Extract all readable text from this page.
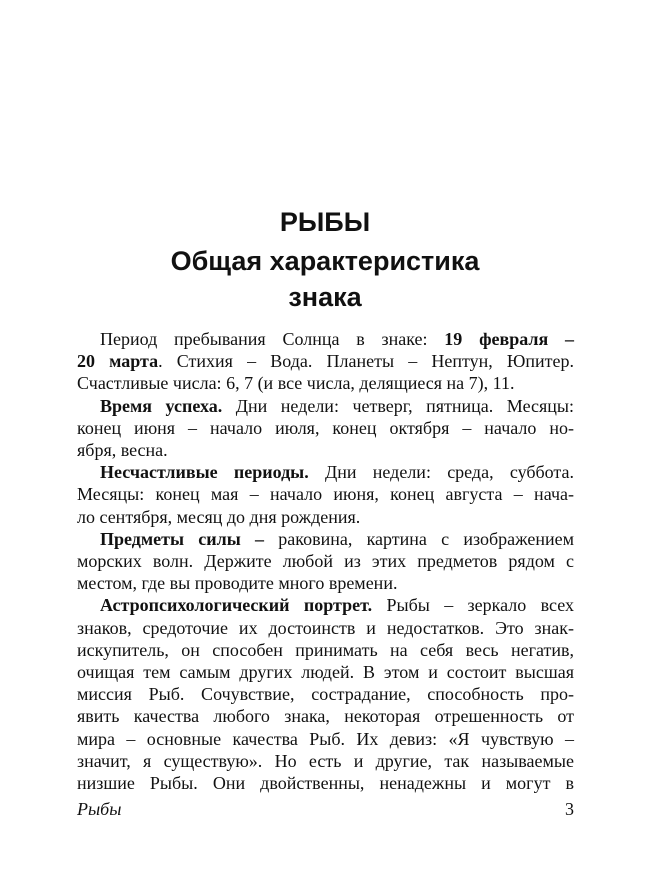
РЫБЫ
Общая характеристика
знака
Период пребывания Солнца в знаке: 19 февраля –
20 марта. Стихия – Вода. Планеты – Нептун, Юпитер.
Счастливые числа: 6, 7 (и все числа, делящиеся на 7), 11.
Время успеха. Дни недели: четверг, пятница. Месяцы:
конец июня – начало июля, конец октября – начало но-
ября, весна.
Несчастливые периоды. Дни недели: среда, суббота.
Месяцы: конец мая – начало июня, конец августа – нача-
ло сентября, месяц до дня рождения.
Предметы силы – раковина, картина с изображением
морских волн. Держите любой из этих предметов рядом с
местом, где вы проводите много времени.
Астропсихологический портрет. Рыбы – зеркало всех
знаков, средоточие их достоинств и недостатков. Это знак-
искупитель, он способен принимать на себя весь негатив,
очищая тем самым других людей. В этом и состоит высшая
миссия Рыб. Сочувствие, сострадание, способность про-
явить качества любого знака, некоторая отрешенность от
мира – основные качества Рыб. Их девиз: «Я чувствую –
значит, я существую». Но есть и другие, так называемые
низшие Рыбы. Они двойственны, ненадежны и могут в
Рыбы	3
